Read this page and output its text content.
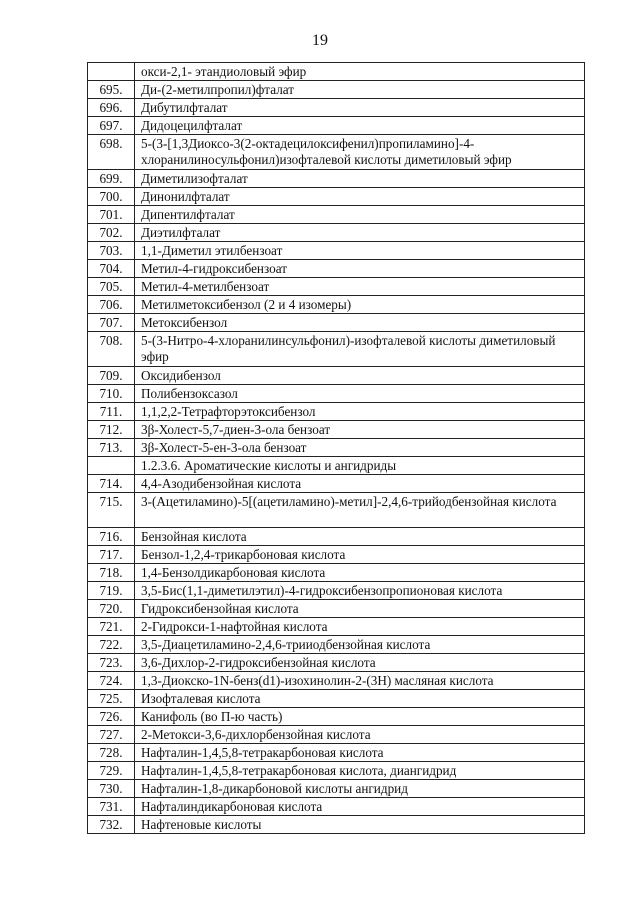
19
	окси-2,1- этандиоловый эфир
695.	Ди-(2-метилпропил)фталат
696.	Дибутилфталат
697.	Дидоцецилфталат
698.	5-(3-[1,3Диоксо-3(2-октадецилоксифенил)пропиламино]-4-хлоранилиносульфонил)изофталевой кислоты диметиловый эфир
699.	Диметилизофталат
700.	Динонилфталат
701.	Дипентилфталат
702.	Диэтилфталат
703.	1,1-Диметил этилбензоат
704.	Метил-4-гидроксибензоат
705.	Метил-4-метилбензоат
706.	Метилметоксибензол (2 и 4 изомеры)
707.	Метоксибензол
708.	5-(3-Нитро-4-хлоранилинсульфонил)-изофталевой кислоты диметиловый эфир
709.	Оксидибензол
710.	Полибензоксазол
711.	1,1,2,2-Тетрафторэтоксибензол
712.	3β-Холест-5,7-диен-3-ола бензоат
713.	3β-Холест-5-ен-3-ола бензоат
	1.2.3.6. Ароматические кислоты и ангидриды
714.	4,4-Азодибензойная кислота
715.	3-(Ацетиламино)-5[(ацетиламино)-метил]-2,4,6-трийодбензойная кислота
716.	Бензойная кислота
717.	Бензол-1,2,4-трикарбоновая кислота
718.	1,4-Бензолдикарбоновая кислота
719.	3,5-Бис(1,1-диметилэтил)-4-гидроксибензопропионовая кислота
720.	Гидроксибензойная кислота
721.	2-Гидрокси-1-нафтойная кислота
722.	3,5-Диацетиламино-2,4,6-трииодбензойная кислота
723.	3,6-Дихлор-2-гидроксибензойная кислота
724.	1,3-Диокско-1N-бенз(d1)-изохинолин-2-(3Н) масляная кислота
725.	Изофталевая кислота
726.	Канифоль (во П-ю часть)
727.	2-Метокси-3,6-дихлорбензойная кислота
728.	Нафталин-1,4,5,8-тетракарбоновая кислота
729.	Нафталин-1,4,5,8-тетракарбоновая кислота, диангидрид
730.	Нафталин-1,8-дикарбоновой кислоты ангидрид
731.	Нафталиндикарбоновая кислота
732.	Нафтеновые кислоты
